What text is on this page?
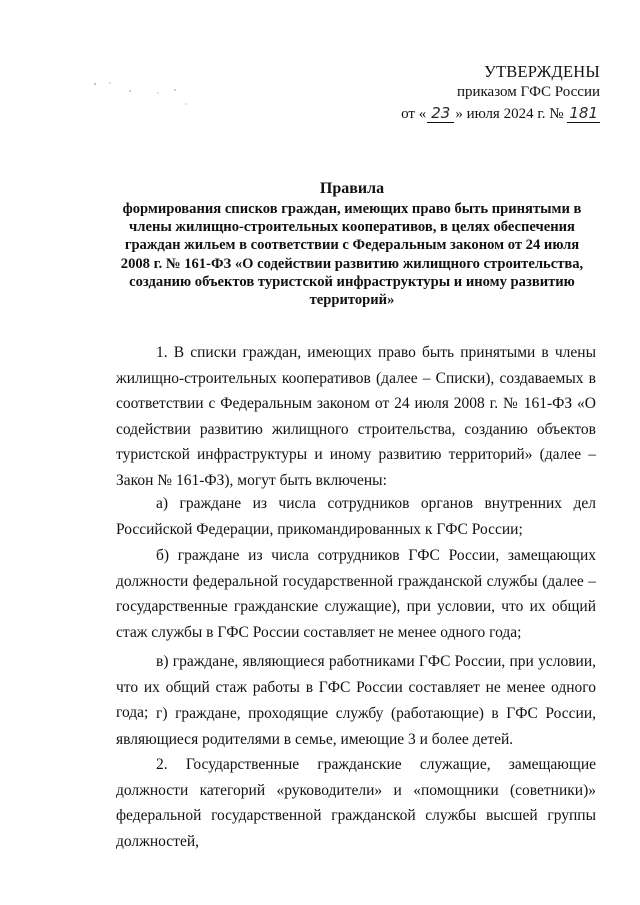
УТВЕРЖДЕНЫ
приказом ГФС России
от « 23 » июля 2024 г. № 181
Правила
формирования списков граждан, имеющих право быть принятыми в члены жилищно-строительных кооперативов, в целях обеспечения граждан жильем в соответствии с Федеральным законом от 24 июля 2008 г. № 161-ФЗ «О содействии развитию жилищного строительства, созданию объектов туристской инфраструктуры и иному развитию территорий»

1. В списки граждан, имеющих право быть принятыми в члены жилищно-строительных кооперативов (далее – Списки), создаваемых в соответствии с Федеральным законом от 24 июля 2008 г. № 161-ФЗ «О содействии развитию жилищного строительства, созданию объектов туристской инфраструктуры и иному развитию территорий» (далее – Закон № 161-ФЗ), могут быть включены:

а) граждане из числа сотрудников органов внутренних дел Российской Федерации, прикомандированных к ГФС России;

б) граждане из числа сотрудников ГФС России, замещающих должности федеральной государственной гражданской службы (далее – государственные гражданские служащие), при условии, что их общий стаж службы в ГФС России составляет не менее одного года;

в) граждане, являющиеся работниками ГФС России, при условии, что их общий стаж работы в ГФС России составляет не менее одного года; г) граждане, проходящие службу (работающие) в ГФС России, являющиеся родителями в семье, имеющие 3 и более детей.

2. Государственные гражданские служащие, замещающие должности категорий «руководители» и «помощники (советники)» федеральной государственной гражданской службы высшей группы должностей,
